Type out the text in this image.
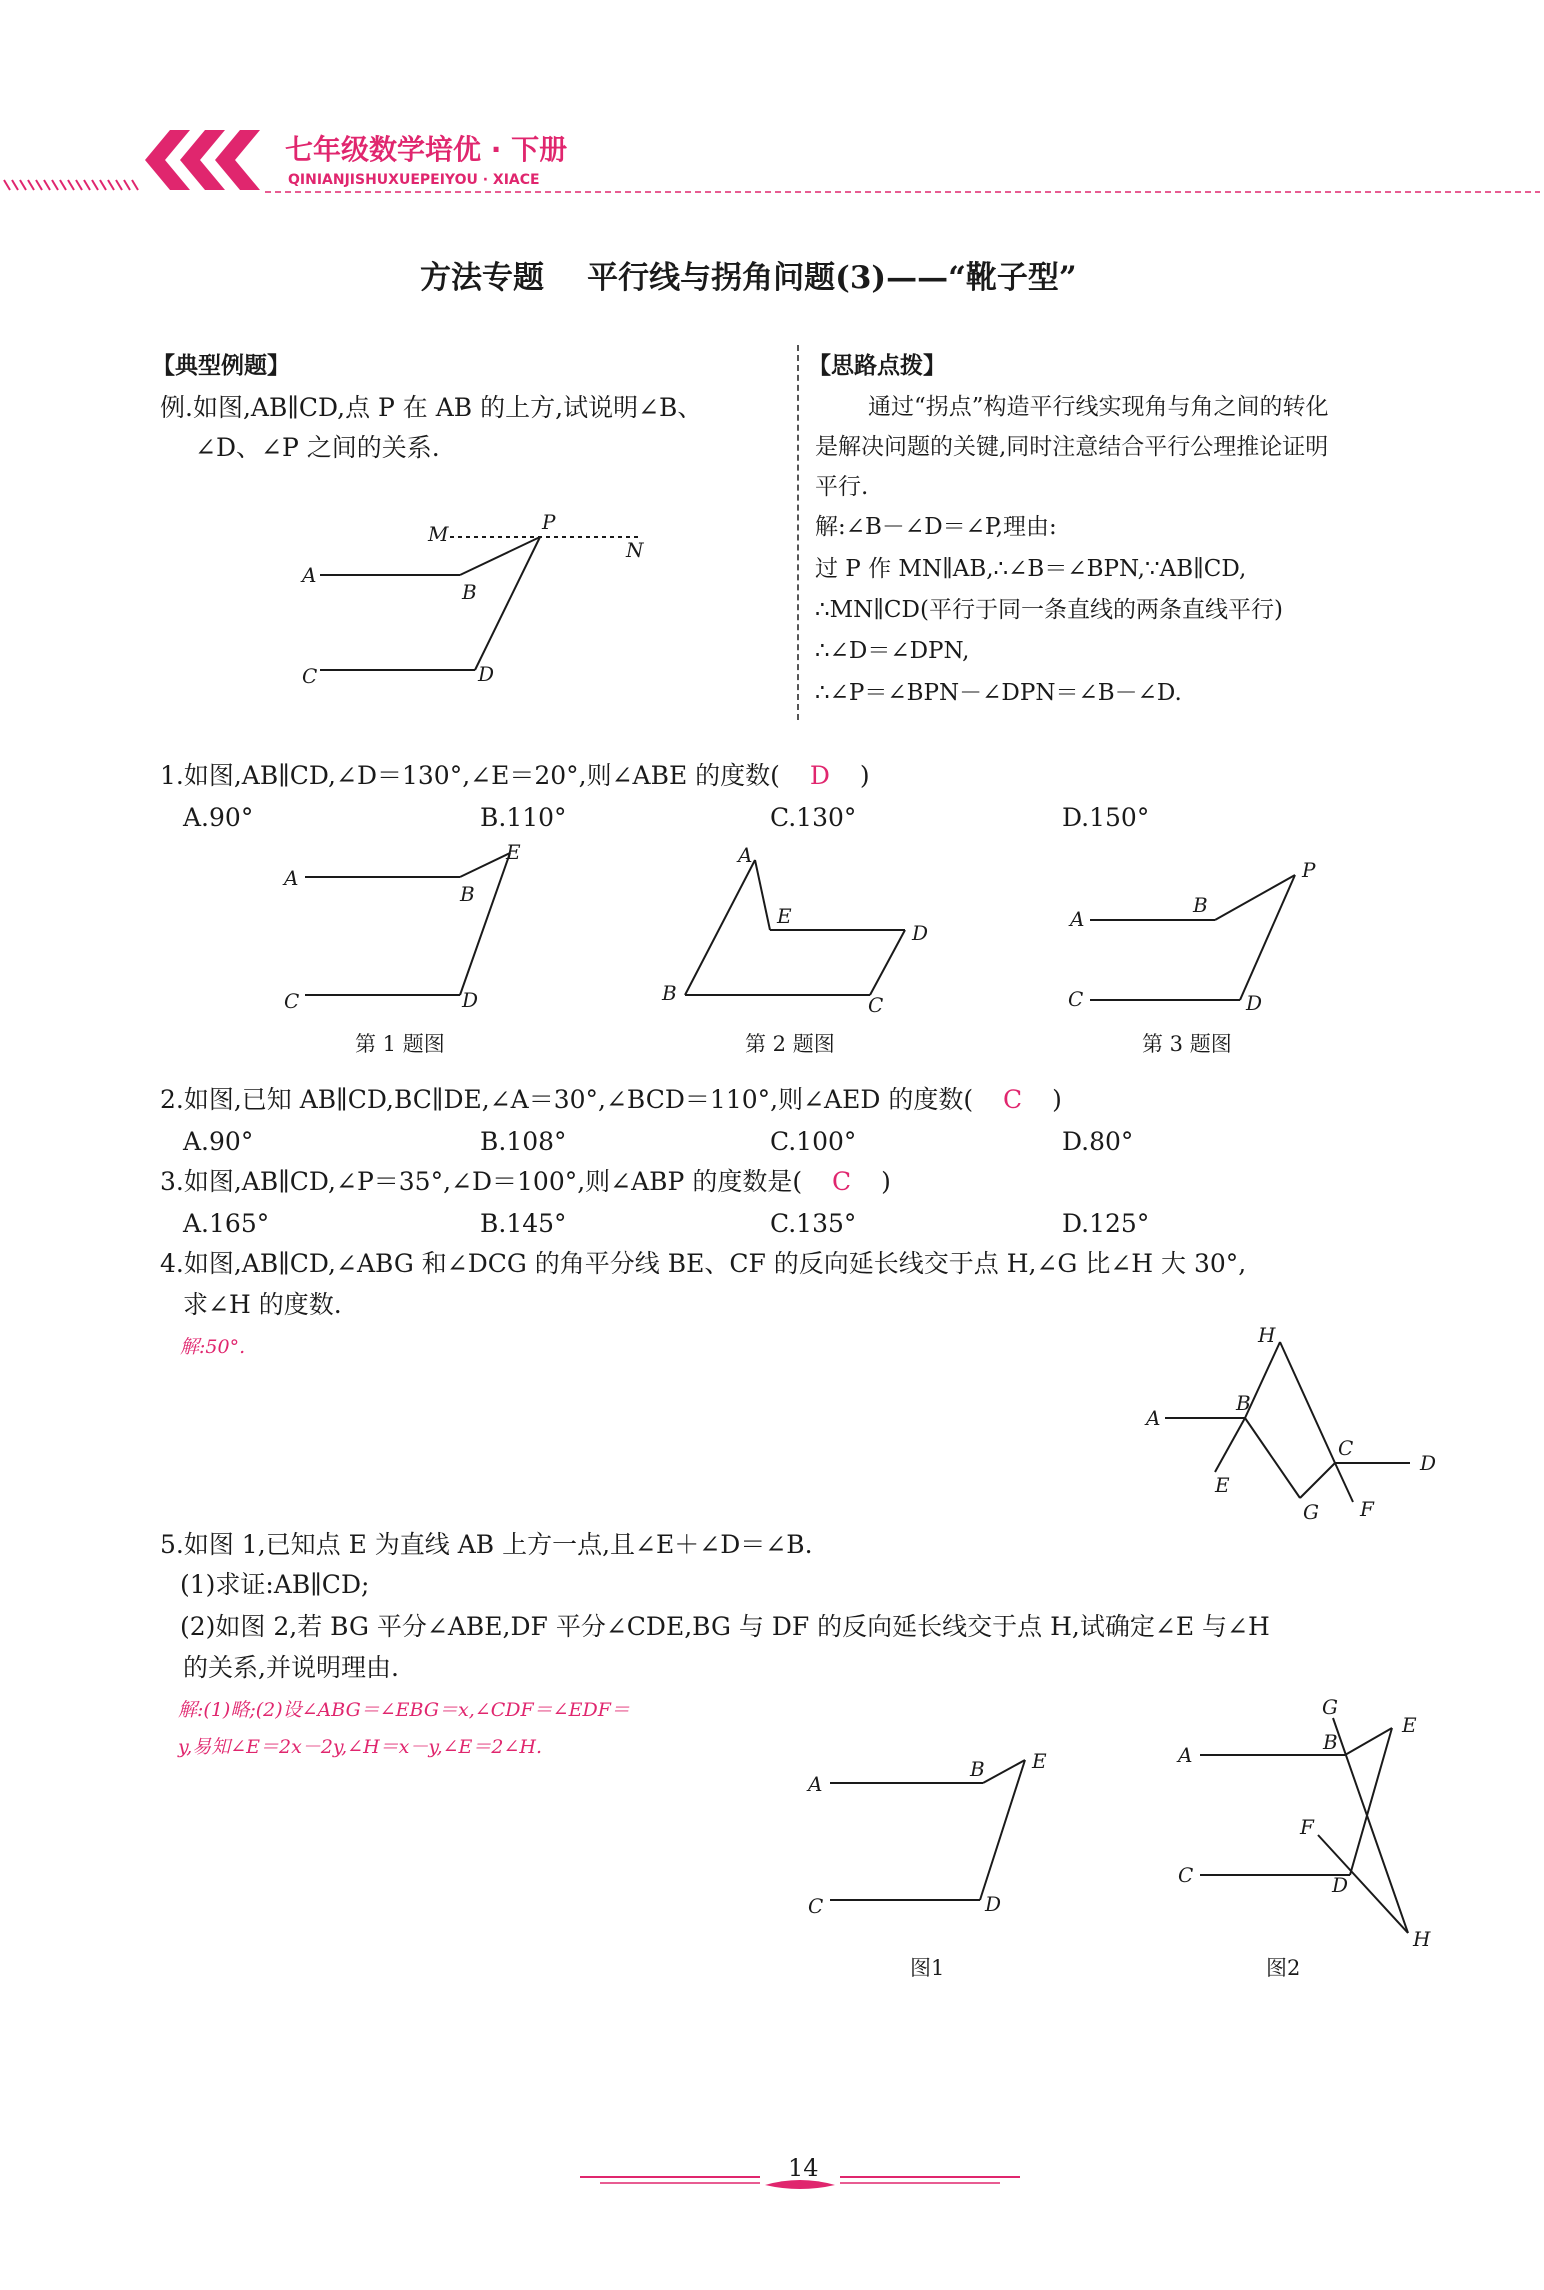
七年级数学培优 · 下册
QINIANJISHUXUEPEIYOU · XIACE
方法专题    平行线与拐角问题(3)——“靴子型”
【典型例题】
例.如图,AB∥CD,点 P 在 AB 的上方,试说明∠B、
∠D、∠P 之间的关系.
M	P
N
A
B
C	D
【思路点拨】
通过“拐点”构造平行线实现角与角之间的转化
是解决问题的关键,同时注意结合平行公理推论证明
平行.
解:∠B－∠D＝∠P,理由:
过 P 作 MN∥AB,∴∠B＝∠BPN,∵AB∥CD,
∴MN∥CD(平行于同一条直线的两条直线平行)
∴∠D＝∠DPN,
∴∠P＝∠BPN－∠DPN＝∠B－∠D.
1.如图,AB∥CD,∠D＝130°,∠E＝20°,则∠ABE 的度数( D )
A.90°	B.110°	C.130°	D.150°
A
B
E
C	D
第 1 题图
A
E
D
B	C
第 2 题图
A
B
P
C	D
第 3 题图
2.如图,已知 AB∥CD,BC∥DE,∠A＝30°,∠BCD＝110°,则∠AED 的度数( C )
A.90°	B.108°	C.100°	D.80°
3.如图,AB∥CD,∠P＝35°,∠D＝100°,则∠ABP 的度数是( C )
A.165°	B.145°	C.135°	D.125°
4.如图,AB∥CD,∠ABG 和∠DCG 的角平分线 BE、CF 的反向延长线交于点 H,∠G 比∠H 大 30°,
求∠H 的度数.
解:50°.	H
A
B
C
D
E
G F
5.如图 1,已知点 E 为直线 AB 上方一点,且∠E＋∠D＝∠B.
(1)求证:AB∥CD;
(2)如图 2,若 BG 平分∠ABE,DF 平分∠CDE,BG 与 DF 的反向延长线交于点 H,试确定∠E 与∠H
的关系,并说明理由.
解:(1)略;(2)设∠ABG＝∠EBG＝x,∠CDF＝∠EDF＝
y,易知∠E＝2x－2y,∠H＝x－y,∠E＝2∠H.
A
B E
C	D
图1
G
B
E
A
F
C	D
H
图2
14
